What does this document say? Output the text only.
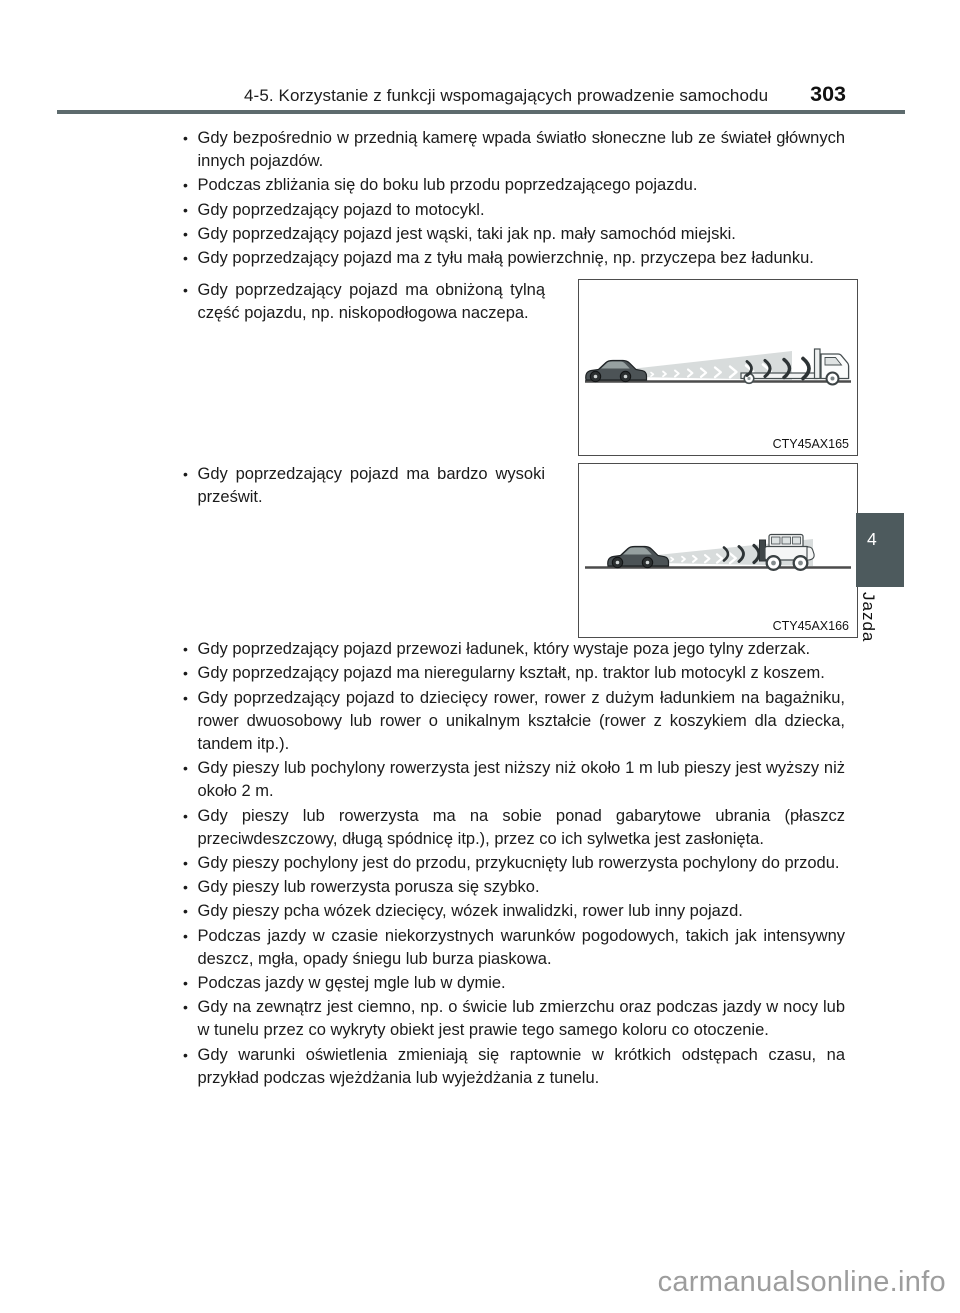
4-5. Korzystanie z funkcji wspomagających prowadzenie samochodu 303
• Gdy bezpośrednio w przednią kamerę wpada światło słoneczne lub ze świateł głównych innych pojazdów.
• Podczas zbliżania się do boku lub przodu poprzedzającego pojazdu.
• Gdy poprzedzający pojazd to motocykl.
• Gdy poprzedzający pojazd jest wąski, taki jak np. mały samochód miejski.
• Gdy poprzedzający pojazd ma z tyłu małą powierzchnię, np. przyczepa bez ładunku.
• Gdy poprzedzający pojazd ma obniżoną tylną część pojazdu, np. niskopodłogowa naczepa.
CTY45AX165
• Gdy poprzedzający pojazd ma bardzo wysoki prześwit.
CTY45AX166
• Gdy poprzedzający pojazd przewozi ładunek, który wystaje poza jego tylny zderzak.
• Gdy poprzedzający pojazd ma nieregularny kształt, np. traktor lub motocykl z koszem.
• Gdy poprzedzający pojazd to dziecięcy rower, rower z dużym ładunkiem na bagażniku, rower dwuosobowy lub rower o unikalnym kształcie (rower z koszykiem dla dziecka, tandem itp.).
• Gdy pieszy lub pochylony rowerzysta jest niższy niż około 1 m lub pieszy jest wyższy niż około 2 m.
• Gdy pieszy lub rowerzysta ma na sobie ponad gabarytowe ubrania (płaszcz przeciwdeszczowy, długą spódnicę itp.), przez co ich sylwetka jest zasłonięta.
• Gdy pieszy pochylony jest do przodu, przykucnięty lub rowerzysta pochylony do przodu.
• Gdy pieszy lub rowerzysta porusza się szybko.
• Gdy pieszy pcha wózek dziecięcy, wózek inwalidzki, rower lub inny pojazd.
• Podczas jazdy w czasie niekorzystnych warunków pogodowych, takich jak intensywny deszcz, mgła, opady śniegu lub burza piaskowa.
• Podczas jazdy w gęstej mgle lub w dymie.
• Gdy na zewnątrz jest ciemno, np. o świcie lub zmierzchu oraz podczas jazdy w nocy lub w tunelu przez co wykryty obiekt jest prawie tego samego koloru co otoczenie.
• Gdy warunki oświetlenia zmieniają się raptownie w krótkich odstępach czasu, na przykład podczas wjeżdżania lub wyjeżdżania z tunelu.
4
Jazda
carmanualsonline.info
